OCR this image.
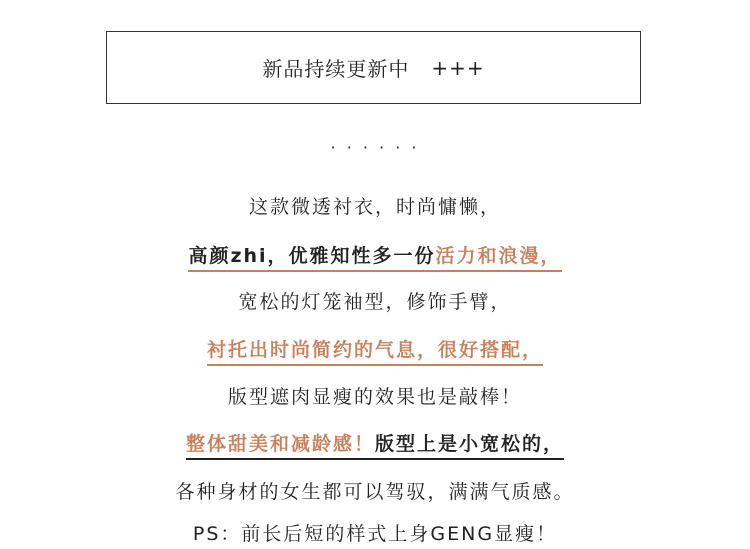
新品持续更新中 +++
· · · · · ·
这款微透衬衣，时尚慵懒，
高颜zhi，优雅知性多一份活力和浪漫，
宽松的灯笼袖型，修饰手臂，
衬托出时尚简约的气息，很好搭配，
版型遮肉显瘦的效果也是敲棒！
整体甜美和减龄感！版型上是小宽松的，
各种身材的女生都可以驾驭，满满气质感。
PS：前长后短的样式上身GENG显瘦！
